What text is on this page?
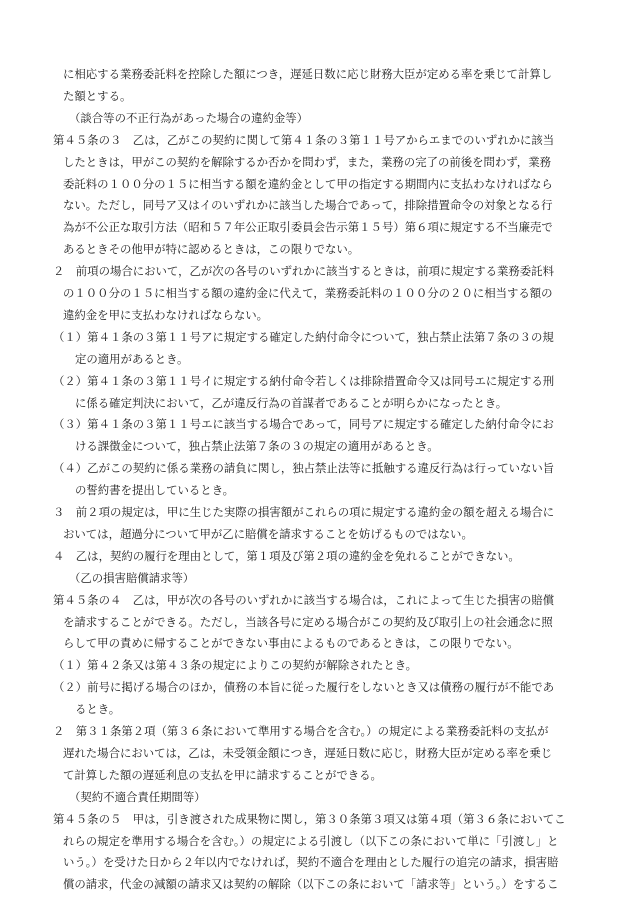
に相応する業務委託料を控除した額につき，遅延日数に応じ財務大臣が定める率を乗じて計算し
た額とする。
（談合等の不正行為があった場合の違約金等）
第４５条の３　乙は，乙がこの契約に関して第４１条の３第１１号アからエまでのいずれかに該当
したときは，甲がこの契約を解除するか否かを問わず，また，業務の完了の前後を問わず，業務
委託料の１００分の１５に相当する額を違約金として甲の指定する期間内に支払わなければなら
ない。ただし，同号ア又はイのいずれかに該当した場合であって，排除措置命令の対象となる行
為が不公正な取引方法（昭和５７年公正取引委員会告示第１５号）第６項に規定する不当廉売で
あるときその他甲が特に認めるときは，この限りでない。
２　前項の場合において，乙が次の各号のいずれかに該当するときは，前項に規定する業務委託料
の１００分の１５に相当する額の違約金に代えて，業務委託料の１００分の２０に相当する額の
違約金を甲に支払わなければならない。
（１）第４１条の３第１１号アに規定する確定した納付命令について，独占禁止法第７条の３の規
定の適用があるとき。
（２）第４１条の３第１１号イに規定する納付命令若しくは排除措置命令又は同号エに規定する刑
に係る確定判決において，乙が違反行為の首謀者であることが明らかになったとき。
（３）第４１条の３第１１号エに該当する場合であって，同号アに規定する確定した納付命令にお
ける課徴金について，独占禁止法第７条の３の規定の適用があるとき。
（４）乙がこの契約に係る業務の請負に関し，独占禁止法等に抵触する違反行為は行っていない旨
の誓約書を提出しているとき。
３　前２項の規定は，甲に生じた実際の損害額がこれらの項に規定する違約金の額を超える場合に
おいては，超過分について甲が乙に賠償を請求することを妨げるものではない。
４　乙は，契約の履行を理由として，第１項及び第２項の違約金を免れることができない。
（乙の損害賠償請求等）
第４５条の４　乙は，甲が次の各号のいずれかに該当する場合は，これによって生じた損害の賠償
を請求することができる。ただし，当該各号に定める場合がこの契約及び取引上の社会通念に照
らして甲の責めに帰することができない事由によるものであるときは，この限りでない。
（１）第４２条又は第４３条の規定によりこの契約が解除されたとき。
（２）前号に掲げる場合のほか，債務の本旨に従った履行をしないとき又は債務の履行が不能であ
るとき。
２　第３１条第２項（第３６条において準用する場合を含む。）の規定による業務委託料の支払が
遅れた場合においては，乙は，未受領金額につき，遅延日数に応じ，財務大臣が定める率を乗じ
て計算した額の遅延利息の支払を甲に請求することができる。
（契約不適合責任期間等）
第４５条の５　甲は，引き渡された成果物に関し，第３０条第３項又は第４項（第３６条においてこ
れらの規定を準用する場合を含む。）の規定による引渡し（以下この条において単に「引渡し」と
いう。）を受けた日から２年以内でなければ，契約不適合を理由とした履行の追完の請求，損害賠
償の請求，代金の減額の請求又は契約の解除（以下この条において「請求等」という。）をするこ
